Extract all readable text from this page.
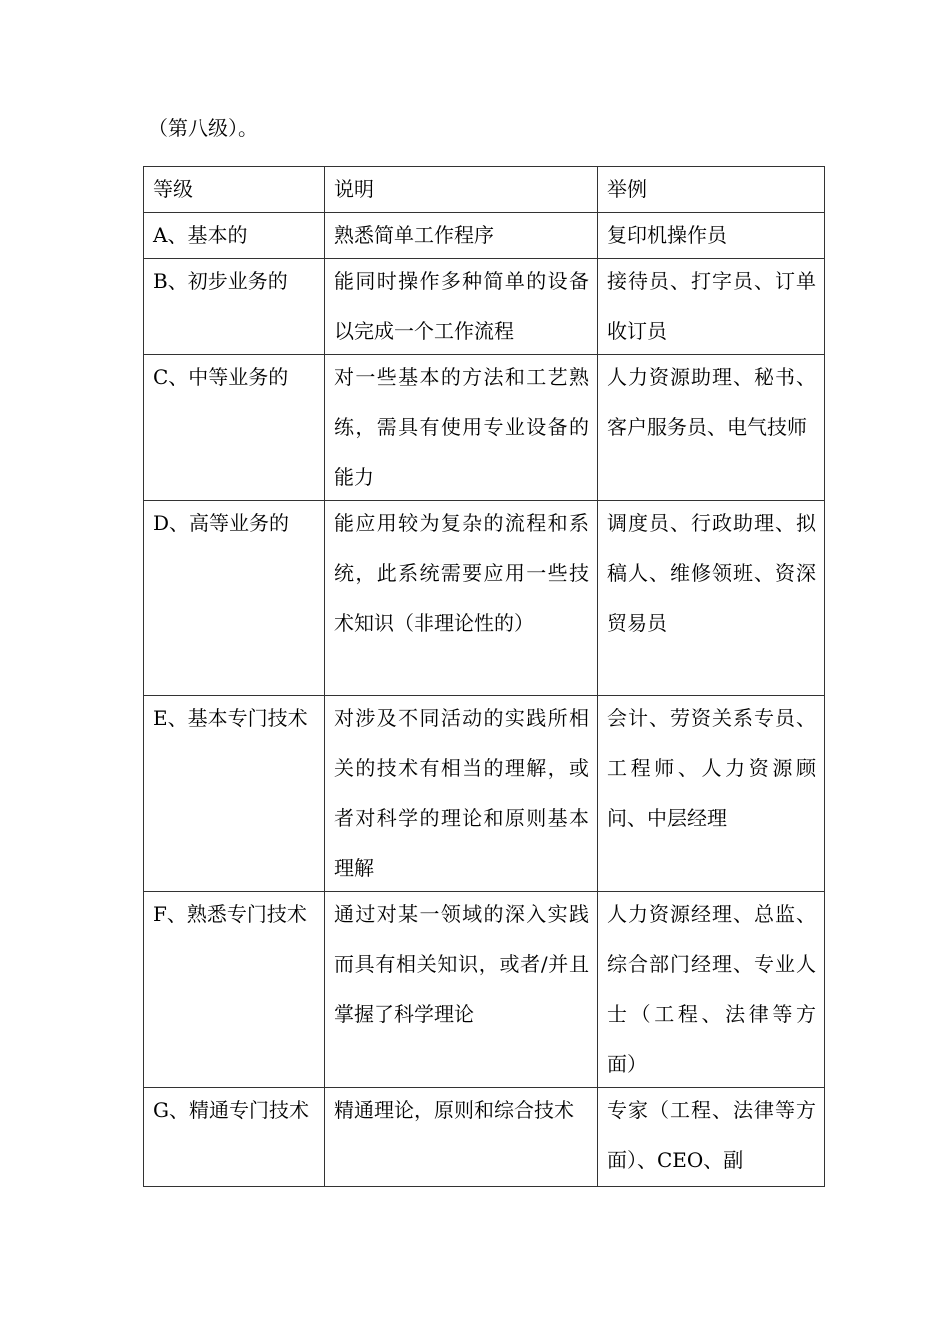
（第八级）。

等级	说明	举例

A、基本的	熟悉简单工作程序	复印机操作员

B、初步业务的	能同时操作多种简单的设备以完成一个工作流程	接待员、打字员、订单收订员

C、中等业务的	对一些基本的方法和工艺熟练，需具有使用专业设备的能力	人力资源助理、秘书、客户服务员、电气技师

D、高等业务的	能应用较为复杂的流程和系统，此系统需要应用一些技术知识（非理论性的）	调度员、行政助理、拟稿人、维修领班、资深贸易员

E、基本专门技术	对涉及不同活动的实践所相关的技术有相当的理解，或者对科学的理论和原则基本理解	会计、劳资关系专员、工程师、人力资源顾问、中层经理

F、熟悉专门技术	通过对某一领域的深入实践而具有相关知识，或者/并且掌握了科学理论	人力资源经理、总监、综合部门经理、专业人士（工程、法律等方面）

G、精通专门技术	精通理论，原则和综合技术	专家（工程、法律等方面）、CEO、副
